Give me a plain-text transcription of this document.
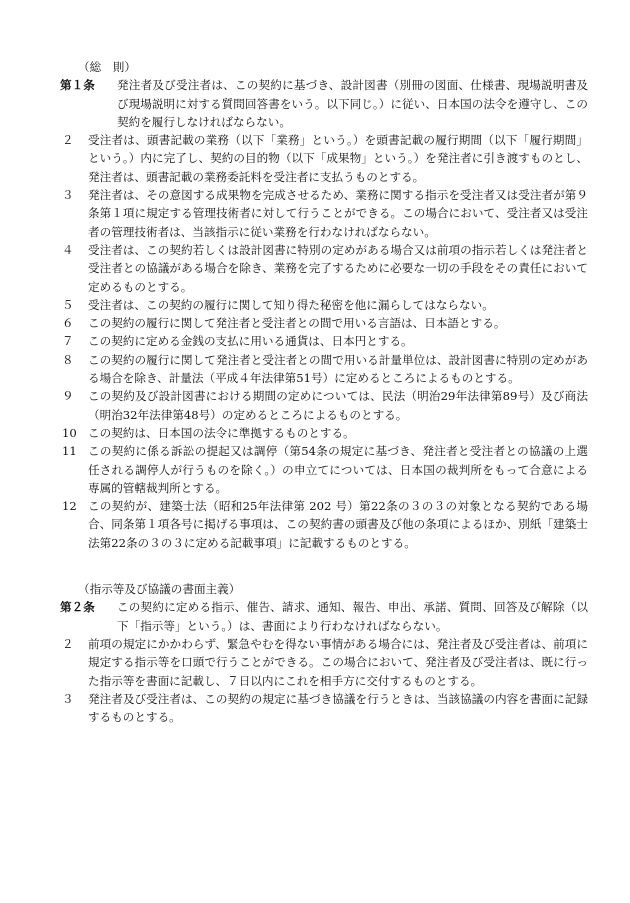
（総　則）

第１条	発注者及び受注者は、この契約に基づき、設計図書（別冊の図面、仕様書、現場説明書及び現場説明に対する質問回答書をいう。以下同じ。）に従い、日本国の法令を遵守し、この契約を履行しなければならない。
２	受注者は、頭書記載の業務（以下「業務」という。）を頭書記載の履行期間（以下「履行期間」という。）内に完了し、契約の目的物（以下「成果物」という。）を発注者に引き渡すものとし、発注者は、頭書記載の業務委託料を受注者に支払うものとする。
３	発注者は、その意図する成果物を完成させるため、業務に関する指示を受注者又は受注者が第９条第１項に規定する管理技術者に対して行うことができる。この場合において、受注者又は受注者の管理技術者は、当該指示に従い業務を行わなければならない。
４	受注者は、この契約若しくは設計図書に特別の定めがある場合又は前項の指示若しくは発注者と受注者との協議がある場合を除き、業務を完了するために必要な一切の手段をその責任において定めるものとする。
５	受注者は、この契約の履行に関して知り得た秘密を他に漏らしてはならない。
６	この契約の履行に関して発注者と受注者との間で用いる言語は、日本語とする。
７	この契約に定める金銭の支払に用いる通貨は、日本円とする。
８	この契約の履行に関して発注者と受注者との間で用いる計量単位は、設計図書に特別の定めがある場合を除き、計量法（平成４年法律第51号）に定めるところによるものとする。
９	この契約及び設計図書における期間の定めについては、民法（明治29年法律第89号）及び商法（明治32年法律第48号）の定めるところによるものとする。
10 この契約は、日本国の法令に準拠するものとする。
11 この契約に係る訴訟の提起又は調停（第54条の規定に基づき、発注者と受注者との協議の上選任される調停人が行うものを除く。）の申立てについては、日本国の裁判所をもって合意による専属的管轄裁判所とする。
12 この契約が、建築士法（昭和25年法律第 202 号）第22条の３の３の対象となる契約である場合、同条第１項各号に掲げる事項は、この契約書の頭書及び他の条項によるほか、別紙「建築士法第22条の３の３に定める記載事項」に記載するものとする。

（指示等及び協議の書面主義）

第２条	この契約に定める指示、催告、請求、通知、報告、申出、承諾、質問、回答及び解除（以下「指示等」という。）は、書面により行わなければならない。
２	前項の規定にかかわらず、緊急やむを得ない事情がある場合には、発注者及び受注者は、前項に規定する指示等を口頭で行うことができる。この場合において、発注者及び受注者は、既に行った指示等を書面に記載し、７日以内にこれを相手方に交付するものとする。
３	発注者及び受注者は、この契約の規定に基づき協議を行うときは、当該協議の内容を書面に記録するものとする。
